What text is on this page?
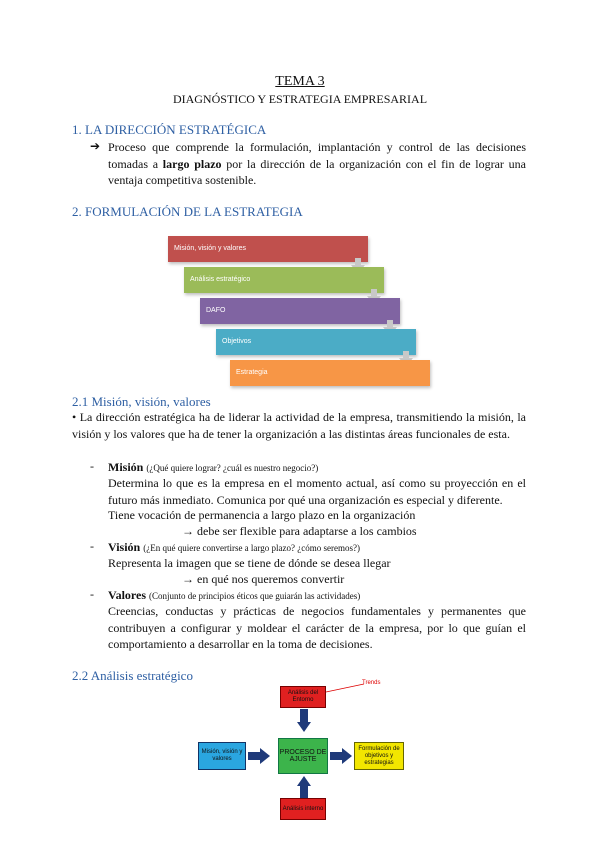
TEMA 3
DIAGNÓSTICO Y ESTRATEGIA EMPRESARIAL
1. LA DIRECCIÓN ESTRATÉGICA
➔ Proceso que comprende la formulación, implantación y control de las decisiones tomadas a largo plazo por la dirección de la organización con el fin de lograr una ventaja competitiva sostenible.
2. FORMULACIÓN DE LA ESTRATEGIA
Misión, visión y valores
Análisis estratégico
DAFO
Objetivos
Estrategia
2.1 Misión, visión, valores
• La dirección estratégica ha de liderar la actividad de la empresa, transmitiendo la misión, la visión y los valores que ha de tener la organización a las distintas áreas funcionales de esta.
- Misión (¿Qué quiere lograr? ¿cuál es nuestro negocio?)
Determina lo que es la empresa en el momento actual, así como su proyección en el futuro más inmediato. Comunica por qué una organización es especial y diferente.
Tiene vocación de permanencia a largo plazo en la organización
→ debe ser flexible para adaptarse a los cambios
- Visión (¿En qué quiere convertirse a largo plazo? ¿cómo seremos?)
Representa la imagen que se tiene de dónde se desea llegar
→ en qué nos queremos convertir
- Valores (Conjunto de principios éticos que guiarán las actividades)
Creencias, conductas y prácticas de negocios fundamentales y permanentes que contribuyen a configurar y moldear el carácter de la empresa, por lo que guían el comportamiento a desarrollar en la toma de decisiones.
2.2 Análisis estratégico
Análisis del Entorno
Trends
Misión, visión y valores
PROCESO DE AJUSTE
Formulación de objetivos y estrategias
Análisis interno
